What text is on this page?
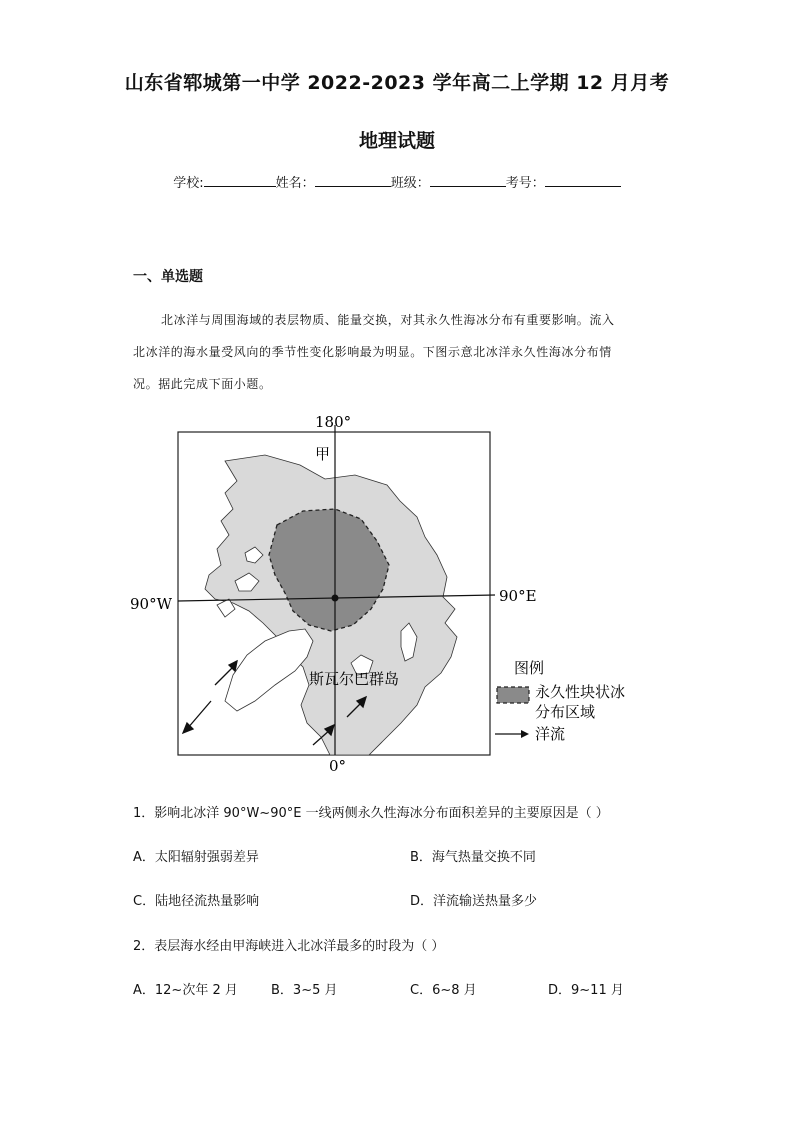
山东省郓城第一中学 2022-2023 学年高二上学期 12 月月考
地理试题
学校:	姓名：	班级：	考号：
一、单选题
北冰洋与周围海域的表层物质、能量交换，对其永久性海冰分布有重要影响。流入
北冰洋的海水量受风向的季节性变化影响最为明显。下图示意北冰洋永久性海冰分布情
况。据此完成下面小题。
180°
90°W	90°E
0°
甲
斯瓦尔巴群岛
图例
永久性块状冰
分布区域
洋流
1．影响北冰洋 90°W~90°E 一线两侧永久性海冰分布面积差异的主要原因是（ ）
A．太阳辐射强弱差异	B．海气热量交换不同
C．陆地径流热量影响	D．洋流输送热量多少
2．表层海水经由甲海峡进入北冰洋最多的时段为（ ）
A．12~次年 2 月	B．3~5 月	C．6~8 月	D．9~11 月
